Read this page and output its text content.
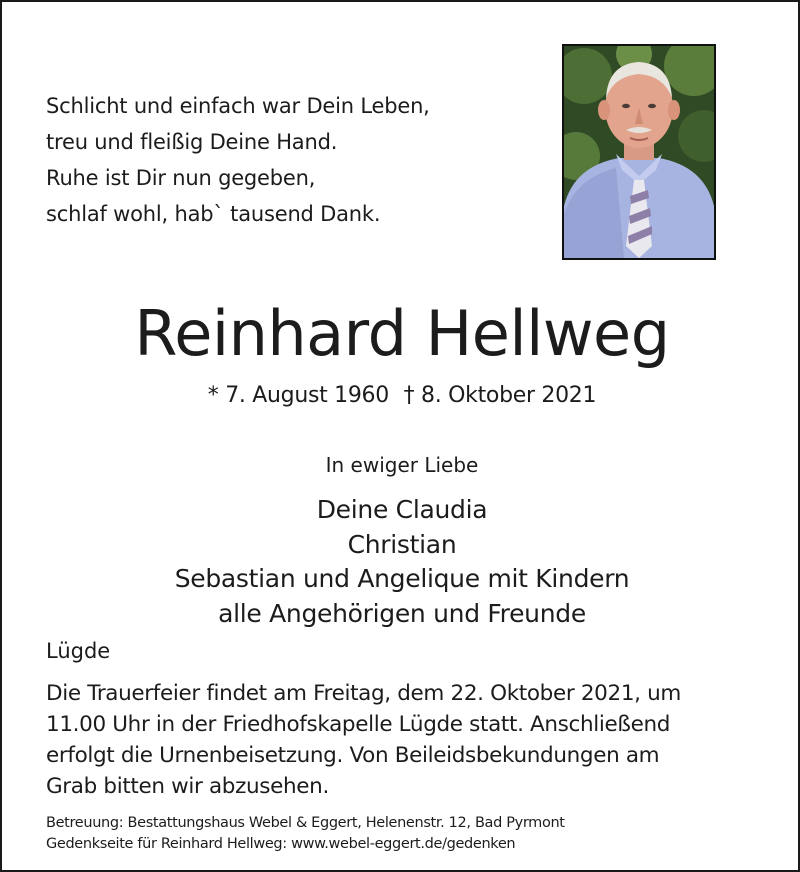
Schlicht und einfach war Dein Leben,
treu und fleißig Deine Hand.
Ruhe ist Dir nun gegeben,
schlaf wohl, hab` tausend Dank.
Reinhard Hellweg
* 7. August 1960 † 8. Oktober 2021
In ewiger Liebe
Deine Claudia
Christian
Sebastian und Angelique mit Kindern
alle Angehörigen und Freunde
Lügde
Die Trauerfeier findet am Freitag, dem 22. Oktober 2021, um
11.00 Uhr in der Friedhofskapelle Lügde statt. Anschließend
erfolgt die Urnenbeisetzung. Von Beileidsbekundungen am
Grab bitten wir abzusehen.
Betreuung: Bestattungshaus Webel & Eggert, Helenenstr. 12, Bad Pyrmont
Gedenkseite für Reinhard Hellweg: www.webel-eggert.de/gedenken
